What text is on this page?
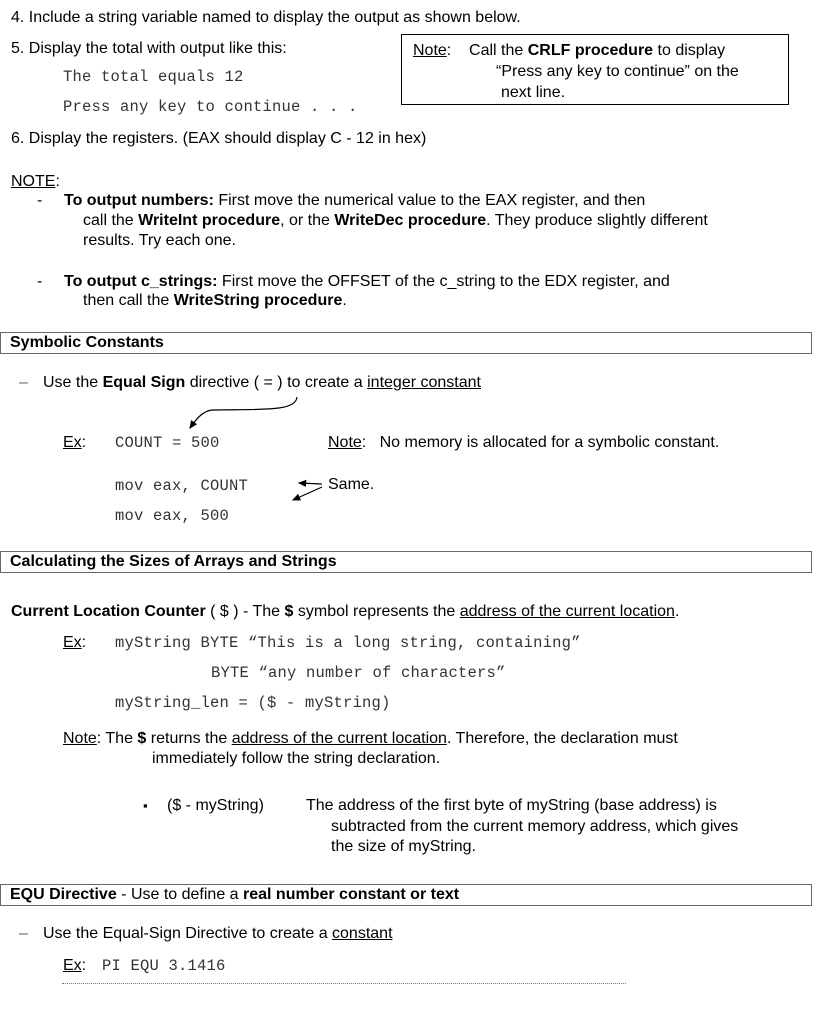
4. Include a string variable named to display the output as shown below.
5. Display the total with output like this:
The total equals 12
Press any key to continue . . .
Note: Call the CRLF procedure to display
“Press any key to continue” on the
next line.
6. Display the registers. (EAX should display C - 12 in hex)
NOTE:
- To output numbers: First move the numerical value to the EAX register, and then
call the WriteInt procedure, or the WriteDec procedure. They produce slightly different
results. Try each one.
- To output c_strings: First move the OFFSET of the c_string to the EDX register, and
then call the WriteString procedure.
Symbolic Constants
– Use the Equal Sign directive ( = ) to create a integer constant
Ex: COUNT = 500	Note: No memory is allocated for a symbolic constant.
mov eax, COUNT
mov eax, 500
Same.
Calculating the Sizes of Arrays and Strings
Current Location Counter ( $ ) - The $ symbol represents the address of the current location.
Ex: myString BYTE “This is a long string, containing”
BYTE “any number of characters”
myString_len = ($ - myString)
Note: The $ returns the address of the current location. Therefore, the declaration must
immediately follow the string declaration.
▪ ($ - myString)	The address of the first byte of myString (base address) is
subtracted from the current memory address, which gives
the size of myString.
EQU Directive - Use to define a real number constant or text
– Use the Equal-Sign Directive to create a constant
Ex: PI EQU 3.1416
